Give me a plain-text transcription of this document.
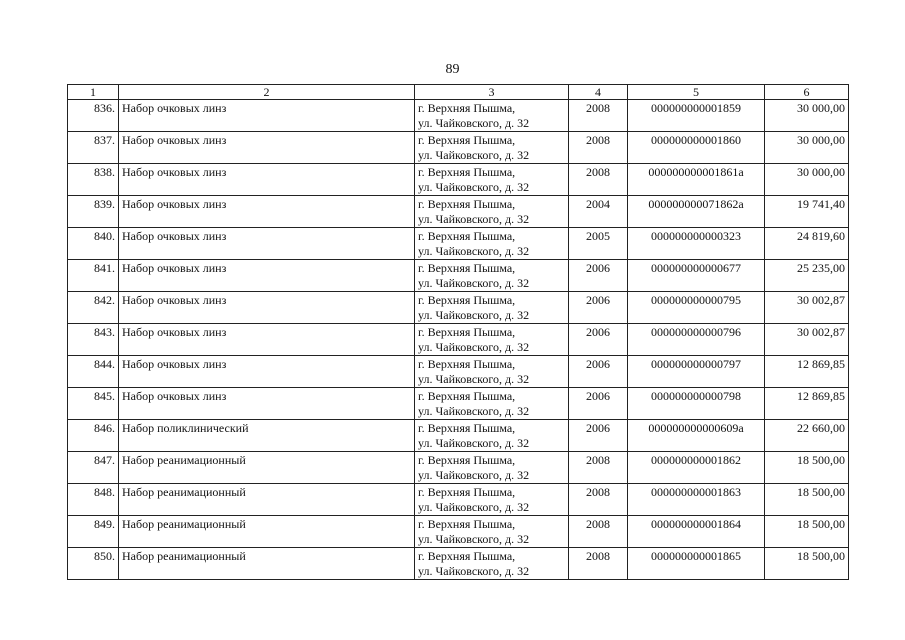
89
1	2	3	4	5	6
836.	Набор очковых линз	г. Верхняя Пышма,
ул. Чайковского, д. 32	2008	000000000001859	30 000,00
837.	Набор очковых линз	г. Верхняя Пышма,
ул. Чайковского, д. 32	2008	000000000001860	30 000,00
838.	Набор очковых линз	г. Верхняя Пышма,
ул. Чайковского, д. 32	2008	000000000001861а	30 000,00
839.	Набор очковых линз	г. Верхняя Пышма,
ул. Чайковского, д. 32	2004	000000000071862а	19 741,40
840.	Набор очковых линз	г. Верхняя Пышма,
ул. Чайковского, д. 32	2005	000000000000323	24 819,60
841.	Набор очковых линз	г. Верхняя Пышма,
ул. Чайковского, д. 32	2006	000000000000677	25 235,00
842.	Набор очковых линз	г. Верхняя Пышма,
ул. Чайковского, д. 32	2006	000000000000795	30 002,87
843.	Набор очковых линз	г. Верхняя Пышма,
ул. Чайковского, д. 32	2006	000000000000796	30 002,87
844.	Набор очковых линз	г. Верхняя Пышма,
ул. Чайковского, д. 32	2006	000000000000797	12 869,85
845.	Набор очковых линз	г. Верхняя Пышма,
ул. Чайковского, д. 32	2006	000000000000798	12 869,85
846.	Набор поликлинический	г. Верхняя Пышма,
ул. Чайковского, д. 32	2006	000000000000609а	22 660,00
847.	Набор реанимационный	г. Верхняя Пышма,
ул. Чайковского, д. 32	2008	000000000001862	18 500,00
848.	Набор реанимационный	г. Верхняя Пышма,
ул. Чайковского, д. 32	2008	000000000001863	18 500,00
849.	Набор реанимационный	г. Верхняя Пышма,
ул. Чайковского, д. 32	2008	000000000001864	18 500,00
850.	Набор реанимационный	г. Верхняя Пышма,
ул. Чайковского, д. 32	2008	000000000001865	18 500,00
